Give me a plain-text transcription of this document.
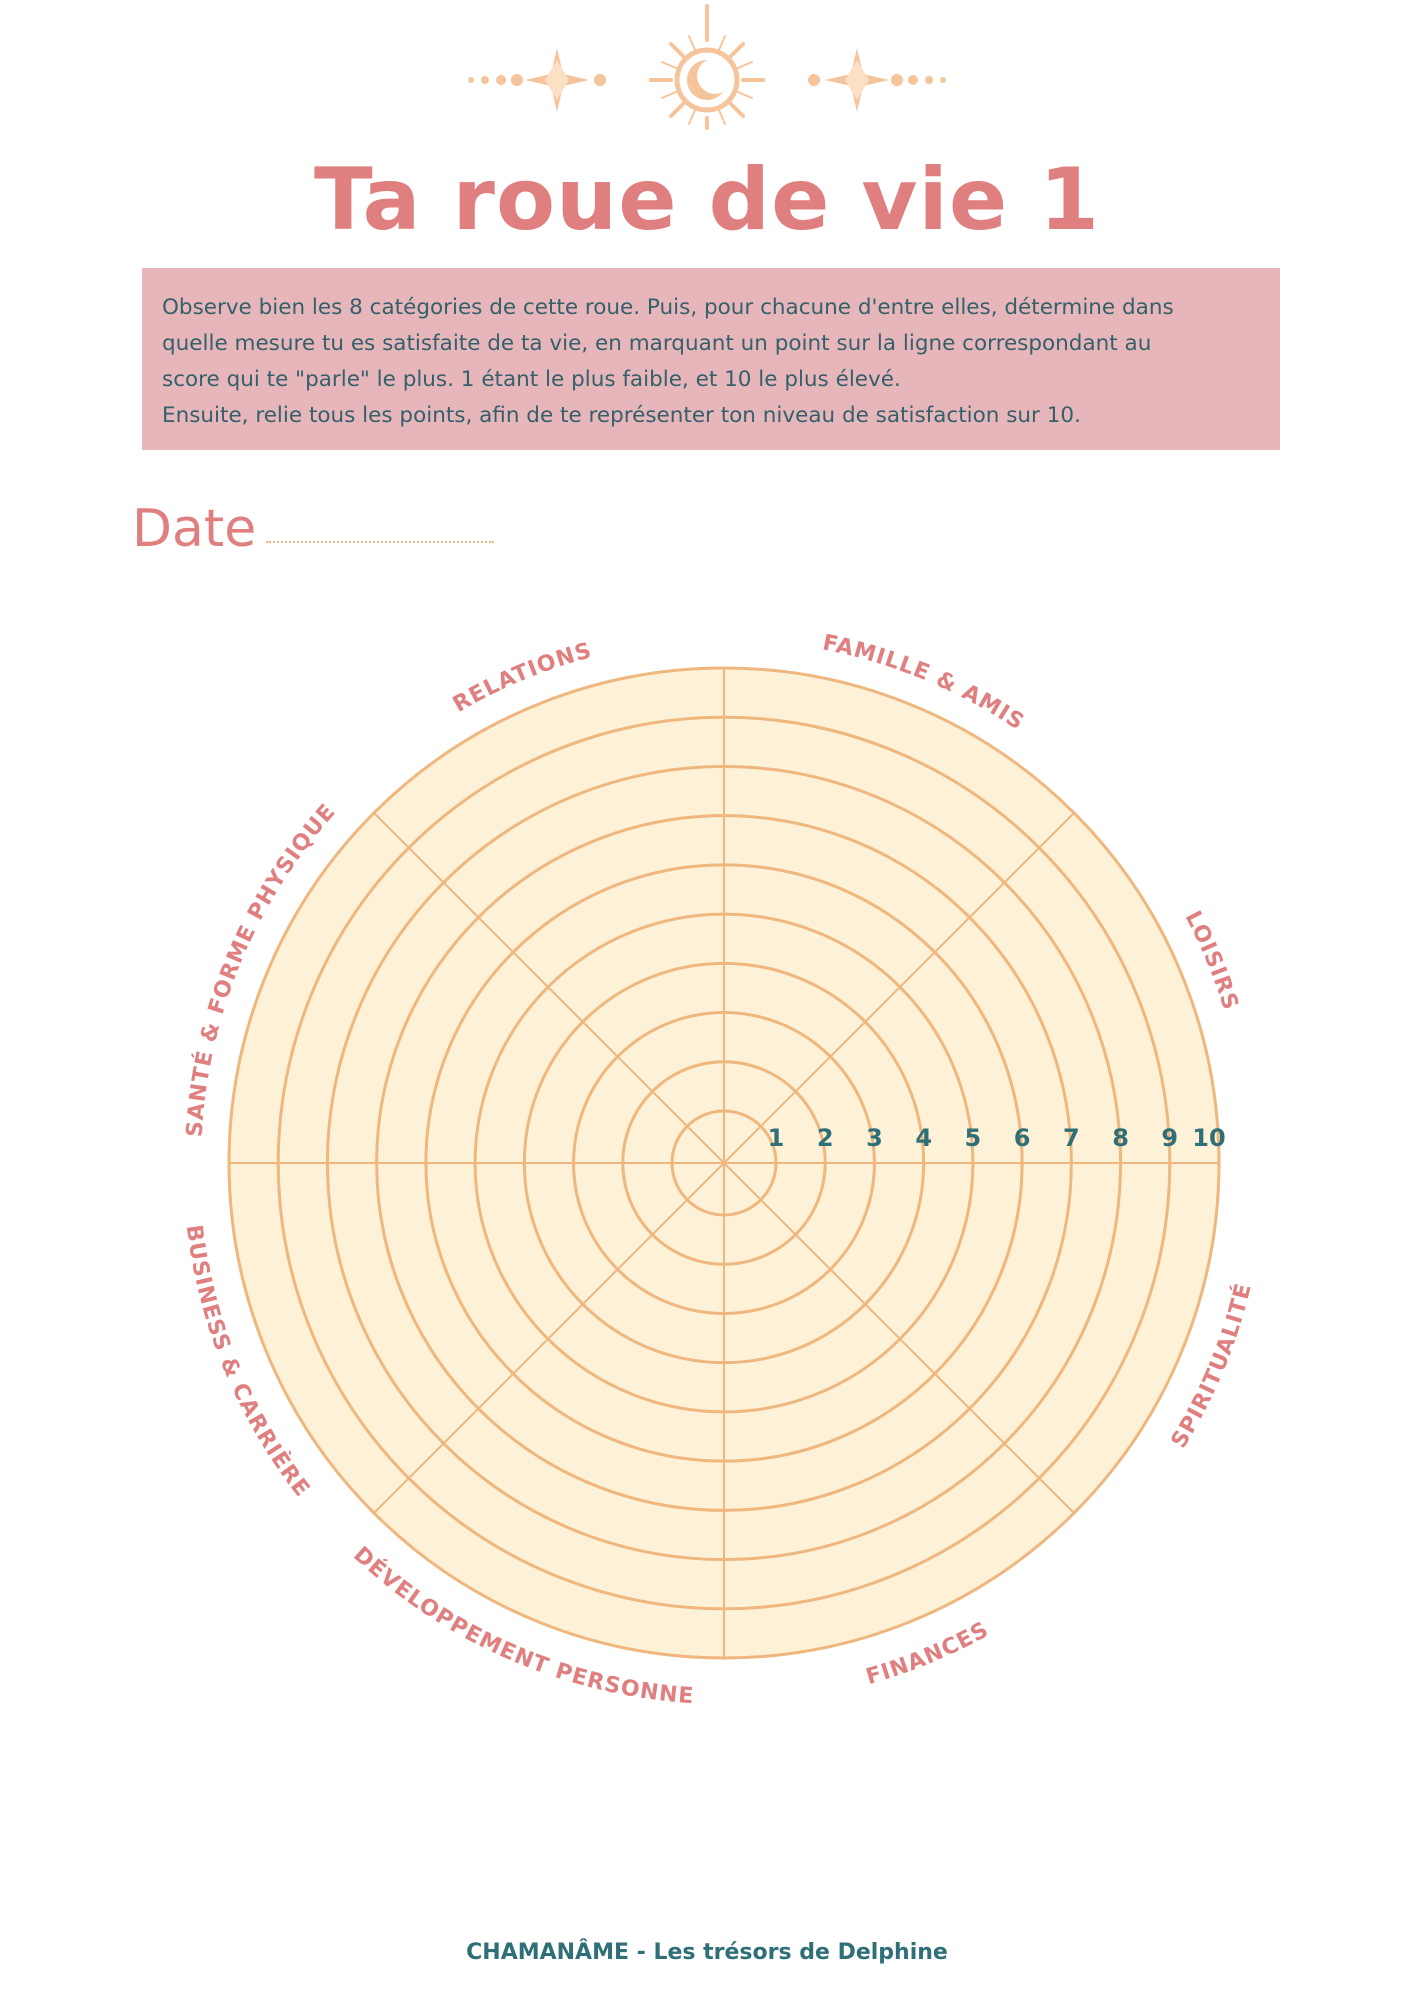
Ta roue de vie 1

Observe bien les 8 catégories de cette roue. Puis, pour chacune d'entre elles, détermine dans

quelle mesure tu es satisfaite de ta vie, en marquant un point sur la ligne correspondant au

score qui te "parle" le plus. 1 étant le plus faible, et 10 le plus élevé.

Ensuite, relie tous les points, afin de te représenter ton niveau de satisfaction sur 10.

Date
1 2 3 4 5 6 7 8 9 10
RELATIONS	FAMILLE & AMIS
LOISIRS
SPIRITUALITÉ
FINANCES
DÉVELOPPEMENT PERSONNE
BUSINESS & CARRIÈRE
SANTÉ & FORME PHYSIQUE
CHAMANÂME - Les trésors de Delphine
